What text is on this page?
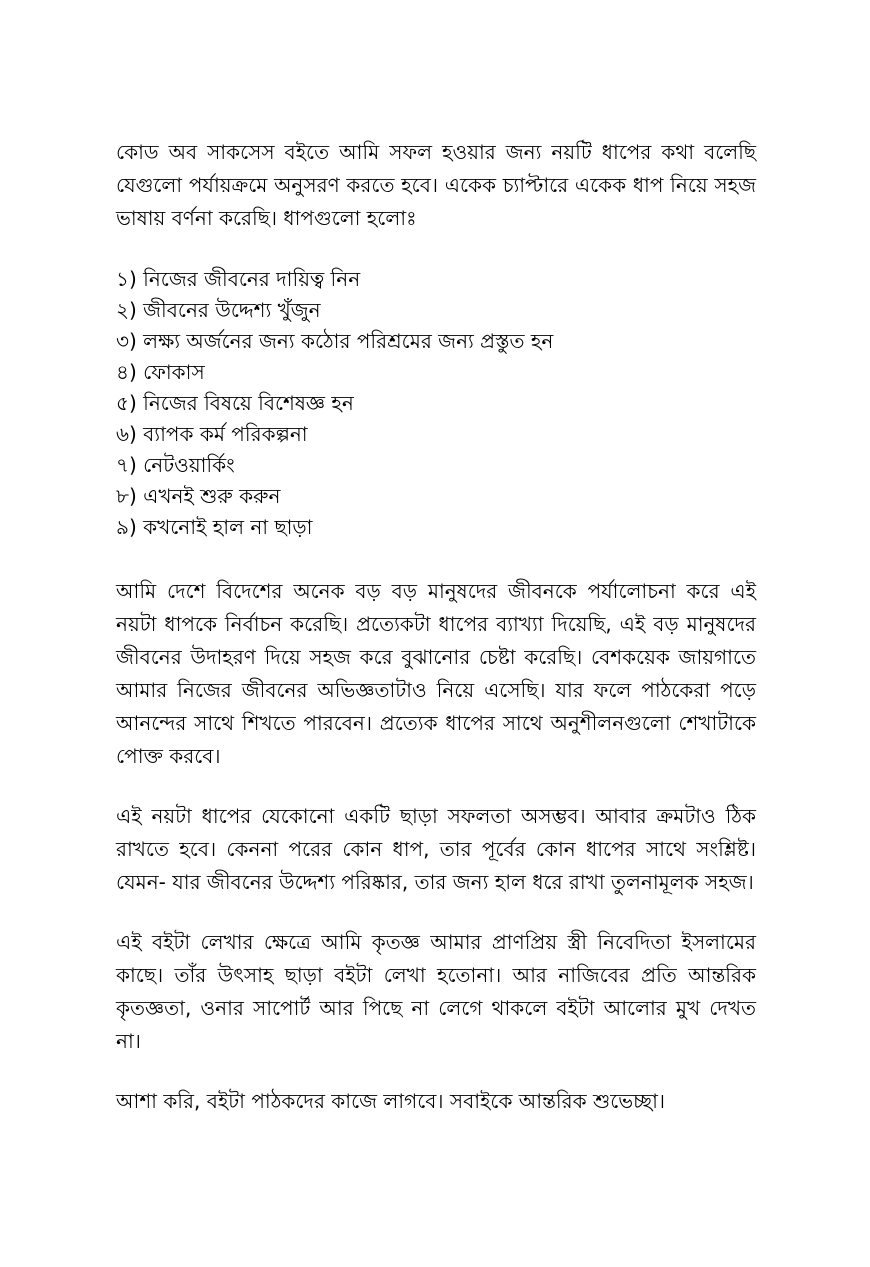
কোড অব সাকসেস বইতে আমি সফল হওয়ার জন্য নয়টি ধাপের কথা বলেছি যেগুলো পর্যায়ক্রমে অনুসরণ করতে হবে। একেক চ্যাপ্টারে একেক ধাপ নিয়ে সহজ ভাষায় বর্ণনা করেছি। ধাপগুলো হলোঃ

১) নিজের জীবনের দায়িত্ব নিন
২) জীবনের উদ্দেশ্য খুঁজুন
৩) লক্ষ্য অর্জনের জন্য কঠোর পরিশ্রমের জন্য প্রস্তুত হন
৪) ফোকাস
৫) নিজের বিষয়ে বিশেষজ্ঞ হন
৬) ব্যাপক কর্ম পরিকল্পনা
৭) নেটওয়ার্কিং
৮) এখনই শুরু করুন
৯) কখনোই হাল না ছাড়া

আমি দেশে বিদেশের অনেক বড় বড় মানুষদের জীবনকে পর্যালোচনা করে এই নয়টা ধাপকে নির্বাচন করেছি। প্রত্যেকটা ধাপের ব্যাখ্যা দিয়েছি, এই বড় মানুষদের জীবনের উদাহরণ দিয়ে সহজ করে বুঝানোর চেষ্টা করেছি। বেশকয়েক জায়গাতে আমার নিজের জীবনের অভিজ্ঞতাটাও নিয়ে এসেছি। যার ফলে পাঠকেরা পড়ে আনন্দের সাথে শিখতে পারবেন। প্রত্যেক ধাপের সাথে অনুশীলনগুলো শেখাটাকে পোক্ত করবে।

এই নয়টা ধাপের যেকোনো একটি ছাড়া সফলতা অসম্ভব। আবার ক্রমটাও ঠিক রাখতে হবে। কেননা পরের কোন ধাপ, তার পূর্বের কোন ধাপের সাথে সংশ্লিষ্ট। যেমন- যার জীবনের উদ্দেশ্য পরিষ্কার, তার জন্য হাল ধরে রাখা তুলনামূলক সহজ।

এই বইটা লেখার ক্ষেত্রে আমি কৃতজ্ঞ আমার প্রাণপ্রিয় স্ত্রী নিবেদিতা ইসলামের কাছে। তাঁর উৎসাহ ছাড়া বইটা লেখা হতোনা। আর নাজিবের প্রতি আন্তরিক কৃতজ্ঞতা, ওনার সাপোর্ট আর পিছে না লেগে থাকলে বইটা আলোর মুখ দেখত না।

আশা করি, বইটা পাঠকদের কাজে লাগবে। সবাইকে আন্তরিক শুভেচ্ছা।
